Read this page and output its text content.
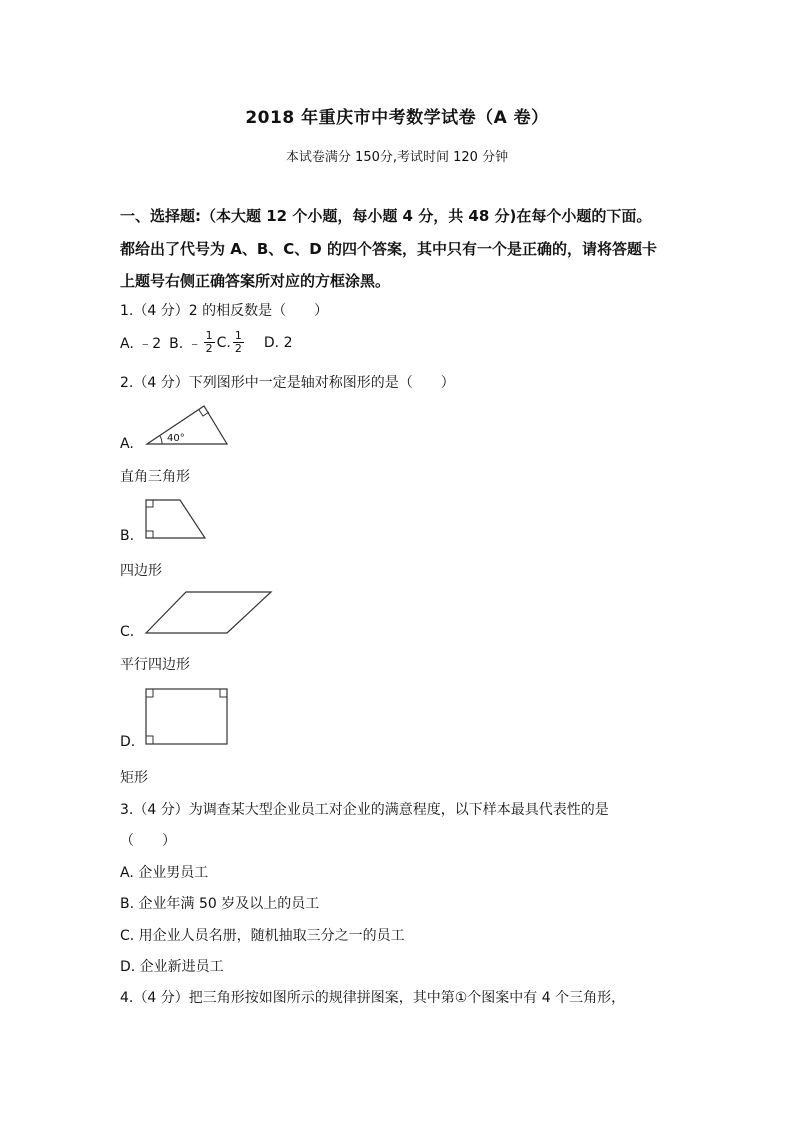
2018 年重庆市中考数学试卷（A 卷）
本试卷满分 150分,考试时间 120 分钟
一、选择题:（本大题 12 个小题，每小题 4 分，共 48 分)在每个小题的下面。
都给出了代号为 A、B、C、D 的四个答案，其中只有一个是正确的，请将答题卡
上题号右侧正确答案所对应的方框涂黑。
1.（4 分）2 的相反数是（　　）
A. ﹣2 B. ﹣ $\frac{1}{2} C$. $\frac{1}{2} D$. 2
2.（4 分）下列图形中一定是轴对称图形的是（　　）
A.	40°
直角三角形
B.
四边形
C.
平行四边形
D.
矩形
3.（4 分）为调查某大型企业员工对企业的满意程度，以下样本最具代表性的是
（　　）
A. 企业男员工
B. 企业年满 50 岁及以上的员工
C. 用企业人员名册，随机抽取三分之一的员工
D. 企业新进员工
4.（4 分）把三角形按如图所示的规律拼图案，其中第①个图案中有 4 个三角形，
